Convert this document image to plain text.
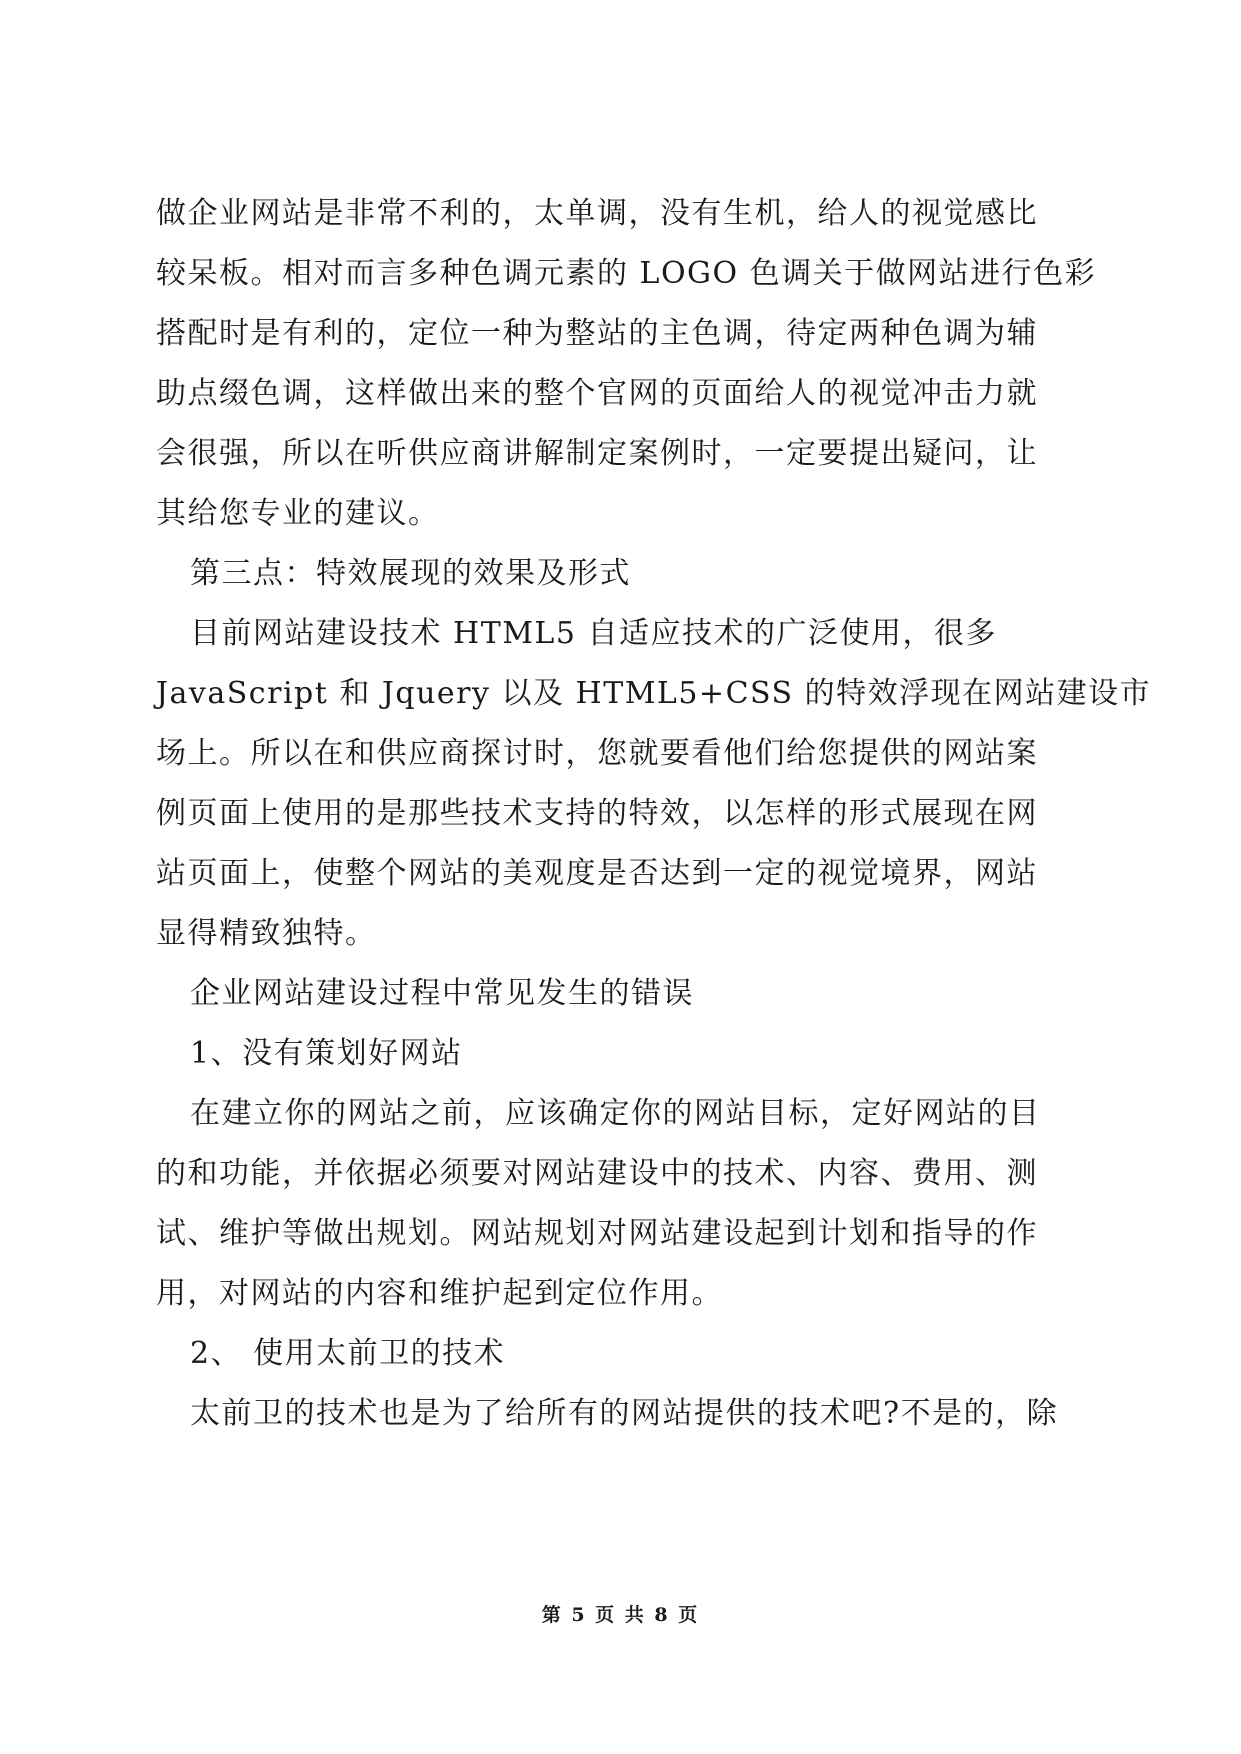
做企业网站是非常不利的，太单调，没有生机，给人的视觉感比
较呆板。相对而言多种色调元素的 LOGO 色调关于做网站进行色彩
搭配时是有利的，定位一种为整站的主色调，待定两种色调为辅
助点缀色调，这样做出来的整个官网的页面给人的视觉冲击力就
会很强，所以在听供应商讲解制定案例时，一定要提出疑问，让
其给您专业的建议。
第三点：特效展现的效果及形式
目前网站建设技术 HTML5 自适应技术的广泛使用，很多
JavaScript 和 Jquery 以及 HTML5+CSS 的特效浮现在网站建设市
场上。所以在和供应商探讨时，您就要看他们给您提供的网站案
例页面上使用的是那些技术支持的特效，以怎样的形式展现在网
站页面上，使整个网站的美观度是否达到一定的视觉境界，网站
显得精致独特。
企业网站建设过程中常见发生的错误
1、没有策划好网站
在建立你的网站之前，应该确定你的网站目标，定好网站的目
的和功能，并依据必须要对网站建设中的技术、内容、费用、测
试、维护等做出规划。网站规划对网站建设起到计划和指导的作
用，对网站的内容和维护起到定位作用。
2、 使用太前卫的技术
太前卫的技术也是为了给所有的网站提供的技术吧?不是的，除
第 5 页 共 8 页
